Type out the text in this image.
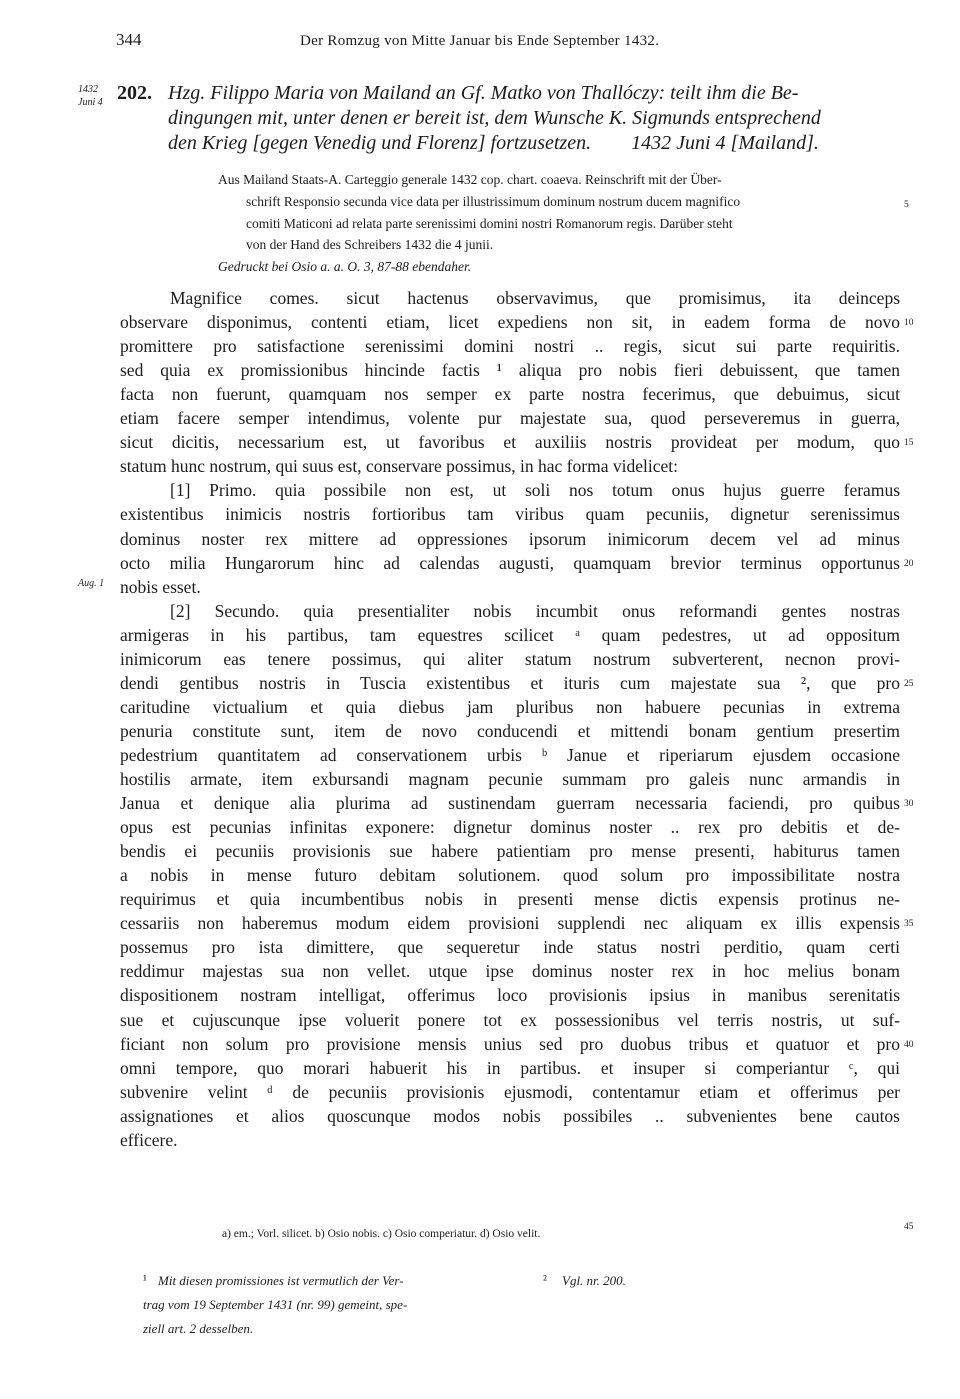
344	Der Romzug von Mitte Januar bis Ende September 1432.
1432
Juni 4 202. Hzg. Filippo Maria von Mailand an Gf. Matko von Thallóczy: teilt ihm die Be-
dingungen mit, unter denen er bereit ist, dem Wunsche K. Sigmunds entsprechend
den Krieg [gegen Venedig und Florenz] fortzusetzen.        1432 Juni 4 [Mailand].
Aus Mailand Staats-A. Carteggio generale 1432 cop. chart. coaeva. Reinschrift mit der Über-
schrift Responsio secunda vice data per illustrissimum dominum nostrum ducem magnifico
comiti Maticoni ad relata parte serenissimi domini nostri Romanorum regis. Darüber steht
von der Hand des Schreibers 1432 die 4 junii.
Gedruckt bei Osio a. a. O. 3, 87-88 ebendaher.
5
Magnifice comes. sicut hactenus observavimus, que promisimus, ita deinceps
observare disponimus, contenti etiam, licet expediens non sit, in eadem forma de novo
promittere pro satisfactione serenissimi domini nostri .. regis, sicut sui parte requiritis.
sed quia ex promissionibus hincinde factis ¹ aliqua pro nobis fieri debuissent, que tamen
facta non fuerunt, quamquam nos semper ex parte nostra fecerimus, que debuimus, sicut
etiam facere semper intendimus, volente pur majestate sua, quod perseveremus in guerra,
sicut dicitis, necessarium est, ut favoribus et auxiliis nostris provideat per modum, quo
statum hunc nostrum, qui suus est, conservare possimus, in hac forma videlicet:
[1] Primo. quia possibile non est, ut soli nos totum onus hujus guerre feramus
existentibus inimicis nostris fortioribus tam viribus quam pecuniis, dignetur serenissimus
dominus noster rex mittere ad oppressiones ipsorum inimicorum decem vel ad minus
octo milia Hungarorum hinc ad calendas augusti, quamquam brevior terminus opportunus
nobis esset.
[2] Secundo. quia presentialiter nobis incumbit onus reformandi gentes nostras
armigeras in his partibus, tam equestres scilicet ᵃ quam pedestres, ut ad oppositum
inimicorum eas tenere possimus, qui aliter statum nostrum subverterent, necnon provi-
dendi gentibus nostris in Tuscia existentibus et ituris cum majestate sua ², que pro
caritudine victualium et quia diebus jam pluribus non habuere pecunias in extrema
penuria constitute sunt, item de novo conducendi et mittendi bonam gentium presertim
pedestrium quantitatem ad conservationem urbis ᵇ Janue et riperiarum ejusdem occasione
hostilis armate, item exbursandi magnam pecunie summam pro galeis nunc armandis in
Janua et denique alia plurima ad sustinendam guerram necessaria faciendi, pro quibus
opus est pecunias infinitas exponere: dignetur dominus noster .. rex pro debitis et de-
bendis ei pecuniis provisionis sue habere patientiam pro mense presenti, habiturus tamen
a nobis in mense futuro debitam solutionem. quod solum pro impossibilitate nostra
requirimus et quia incumbentibus nobis in presenti mense dictis expensis protinus ne-
cessariis non haberemus modum eidem provisioni supplendi nec aliquam ex illis expensis
possemus pro ista dimittere, que sequeretur inde status nostri perditio, quam certi
reddimur majestas sua non vellet. utque ipse dominus noster rex in hoc melius bonam
dispositionem nostram intelligat, offerimus loco provisionis ipsius in manibus serenitatis
sue et cujuscunque ipse voluerit ponere tot ex possessionibus vel terris nostris, ut suf-
ficiant non solum pro provisione mensis unius sed pro duobus tribus et quatuor et pro
omni tempore, quo morari habuerit his in partibus. et insuper si comperiantur ᶜ, qui
subvenire velint ᵈ de pecuniis provisionis ejusmodi, contentamur etiam et offerimus per
assignationes et alios quoscunque modos nobis possibiles .. subvenientes bene cautos
efficere.
10
15
20
25
30
35
40
45
Aug. 1
a) em.; Vorl. silicet. b) Osio nobis. c) Osio comperiatur. d) Osio velit.
¹ Mit diesen promissiones ist vermutlich der Ver-
trag vom 19 September 1431 (nr. 99) gemeint, spe-
ziell art. 2 desselben.
² Vgl. nr. 200.
